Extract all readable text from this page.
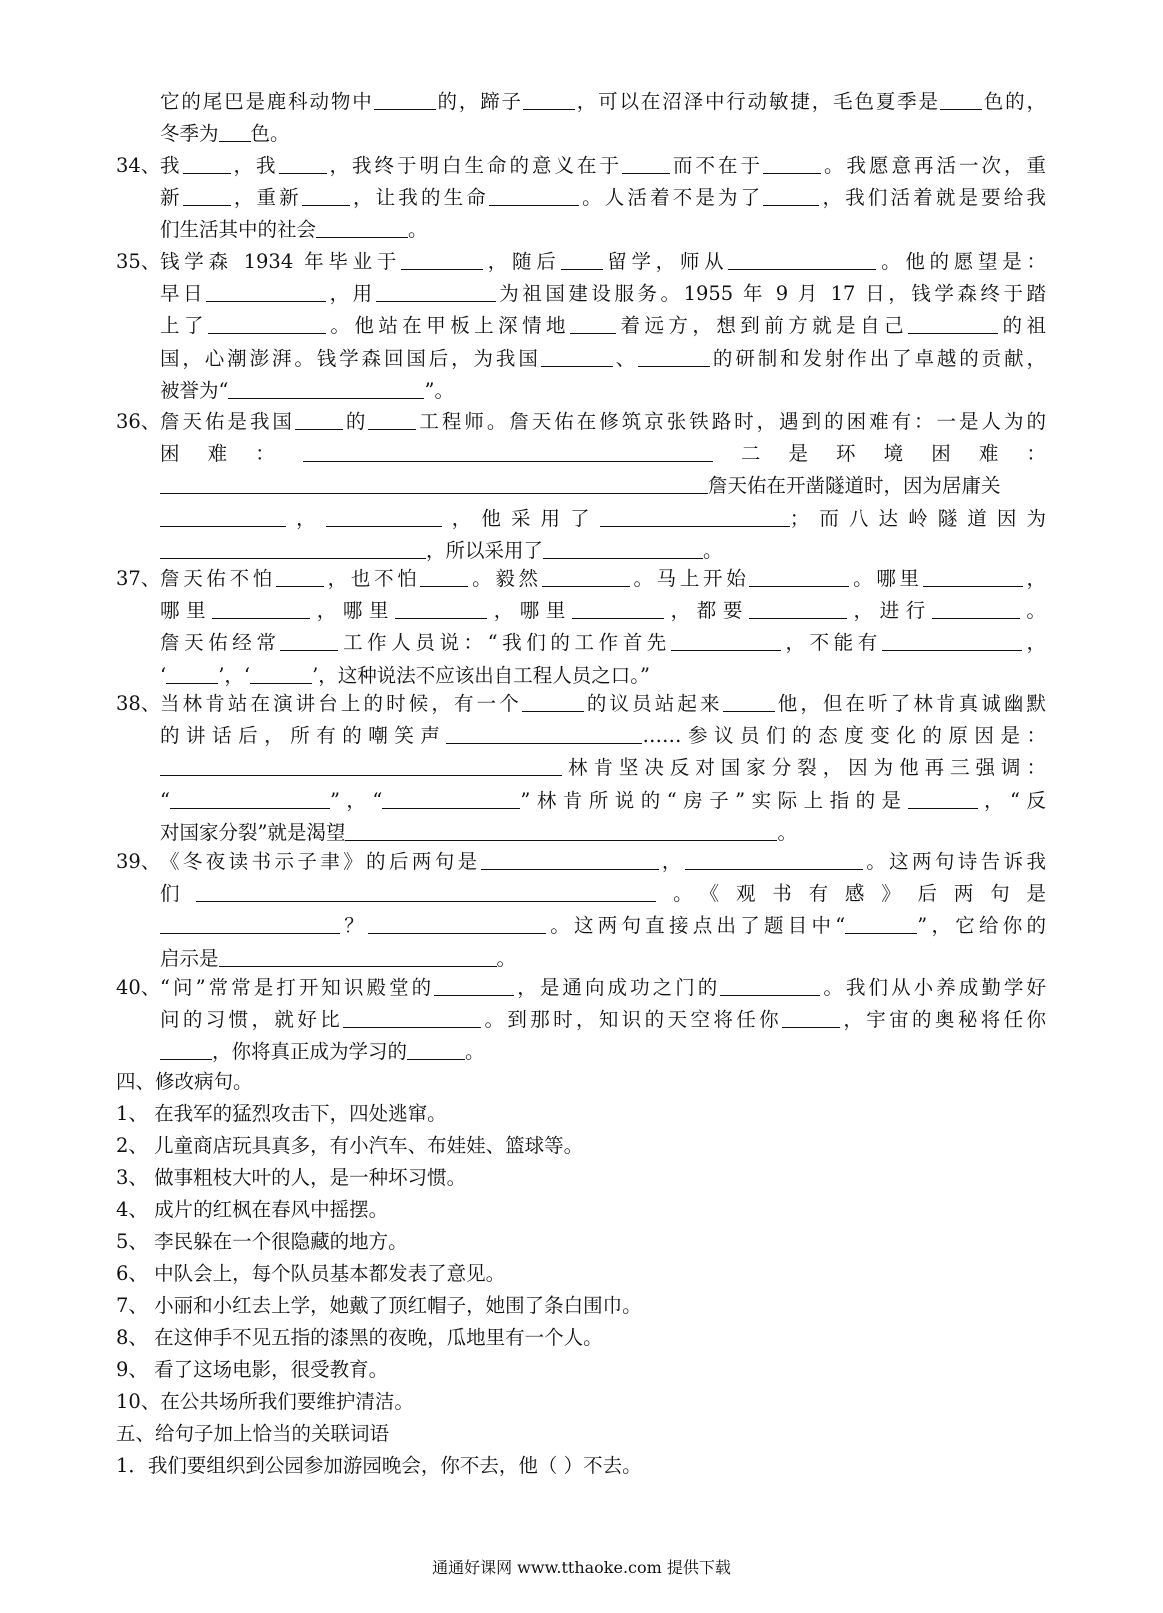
它的尾巴是鹿科动物中	的，蹄子	，可以在沼泽中行动敏捷，毛色夏季是 色的，
冬季为 色。
34、 我 ，我 ，我终于明白生命的意义在于 而不在于	。我愿意再活一次，重
新 ，重新 ，让我的生命	。人活着不是为了	，我们活着就是要给我
们生活其中的社会	。
35、 钱学森 1934 年毕业于	，随后 留学，师从	。他的愿望是：
早日	，用	为祖国建设服务。1955 年 9 月 17 日，钱学森终于踏
上了	。他站在甲板上深情地 着远方，想到前方就是自己	的祖
国，心潮澎湃。钱学森回国后，为我国	、	的研制和发射作出了卓越的贡献，
被誉为“	”。
36、 詹天佑是我国 的 工程师。詹天佑在修筑京张铁路时，遇到的困难有：一是人为的
困难：	二是环境困难：
詹天佑在开凿隧道时，因为居庸关
，	，他采用了	；而八达岭隧道因为
，所以采用了	。
37、 詹天佑不怕 ，也不怕 。毅然	。马上开始	。哪里	，
哪里	，哪里	，哪里	，都要	，进行	。
詹天佑经常	工作人员说：“我们的工作首先	，不能有	，
‘	’，‘	’，这种说法不应该出自工程人员之口。”
38、 当林肯站在演讲台上的时候，有一个	的议员站起来	他，但在听了林肯真诚幽默
的讲话后，所有的嘲笑声	……参议员们的态度变化的原因是：
林肯坚决反对国家分裂，因为他再三强调：
“	”，“	”林肯所说的“房子”实际上指的是	，“反
对国家分裂”就是渴望	。
39、 《冬夜读书示子聿》的后两句是	，	。这两句诗告诉我
们	。《观书有感》后两句是
？	。这两句直接点出了题目中“	”，它给你的
启示是	。
40、 “问”常常是打开知识殿堂的	，是通向成功之门的	。我们从小养成勤学好
问的习惯，就好比	。到那时，知识的天空将任你	，宇宙的奥秘将任你
，你将真正成为学习的	。
四、修改病句。
1、 在我军的猛烈攻击下，四处逃窜。
2、 儿童商店玩具真多，有小汽车、布娃娃、篮球等。
3、 做事粗枝大叶的人，是一种坏习惯。
4、 成片的红枫在春风中摇摆。
5、 李民躲在一个很隐藏的地方。
6、 中队会上，每个队员基本都发表了意见。
7、 小丽和小红去上学，她戴了顶红帽子，她围了条白围巾。
8、 在这伸手不见五指的漆黑的夜晚，瓜地里有一个人。
9、 看了这场电影，很受教育。
10、在公共场所我们要维护清洁。
五、给句子加上恰当的关联词语
1．我们要组织到公园参加游园晚会，你不去，他（ ）不去。
通通好课网 www.tthaoke.com 提供下载
